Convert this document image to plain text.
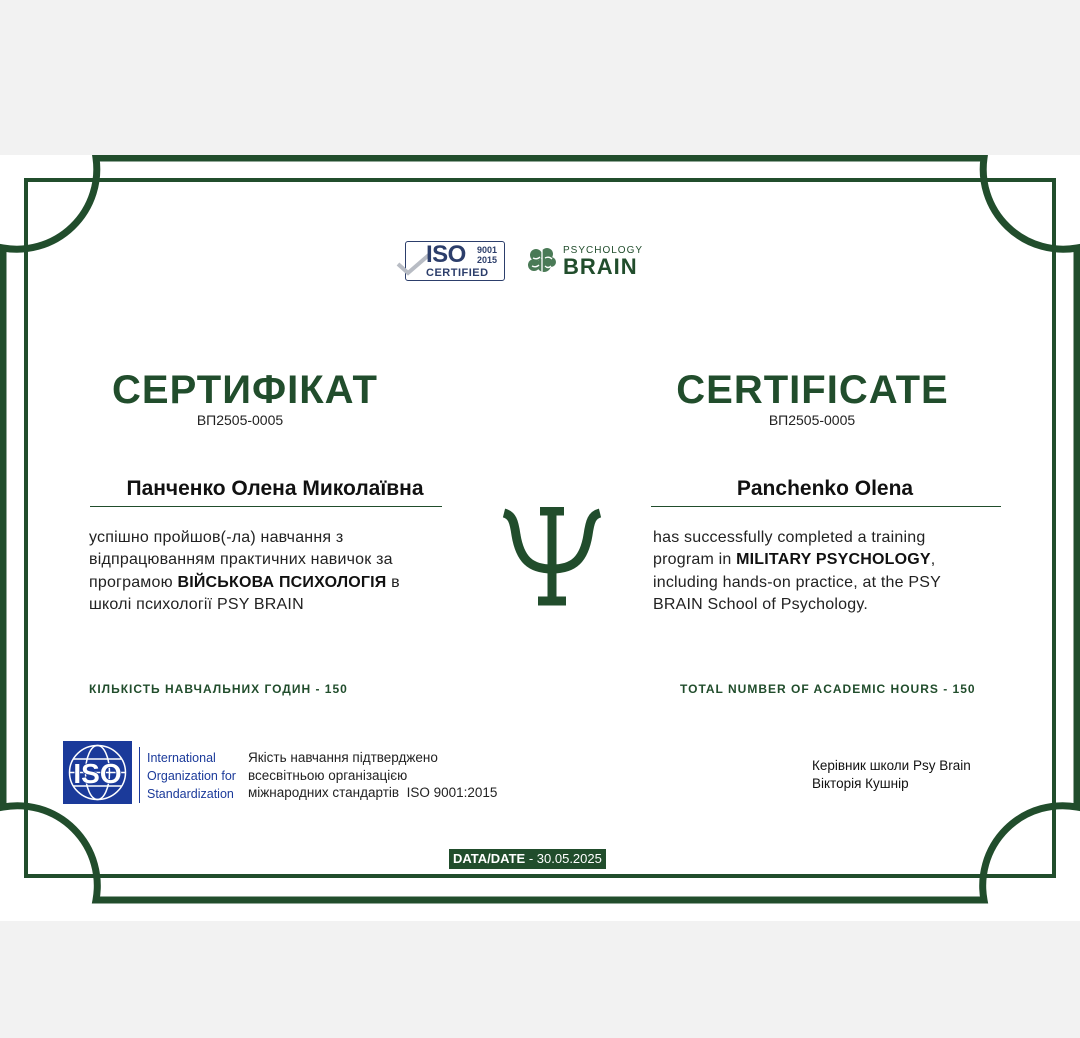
ISO 9001
2015
CERTIFIED
PSYCHOLOGY
BRAIN
СЕРТИФІКАТ
ВП2505-0005
Панченко Олена Миколаївна
успішно пройшов(-ла) навчання з
відпрацюванням практичних навичок за
програмою ВІЙСЬКОВА ПСИХОЛОГІЯ в
школі психології PSY BRAIN
КІЛЬКІСТЬ НАВЧАЛЬНИХ ГОДИН - 150
CERTIFICATE
ВП2505-0005
Panchenko Olena
has successfully completed a training
program in MILITARY PSYCHOLOGY,
including hands-on practice, at the PSY
BRAIN School of Psychology.
TOTAL NUMBER OF ACADEMIC HOURS - 150
ISO International
Organization for
Standardization
Якість навчання підтверджено
всесвітньою організацією
міжнародних стандартів  ISO 9001:2015
Керівник школи Psy Brain
Вікторія Кушнір
DATA/DATE - 30.05.2025
